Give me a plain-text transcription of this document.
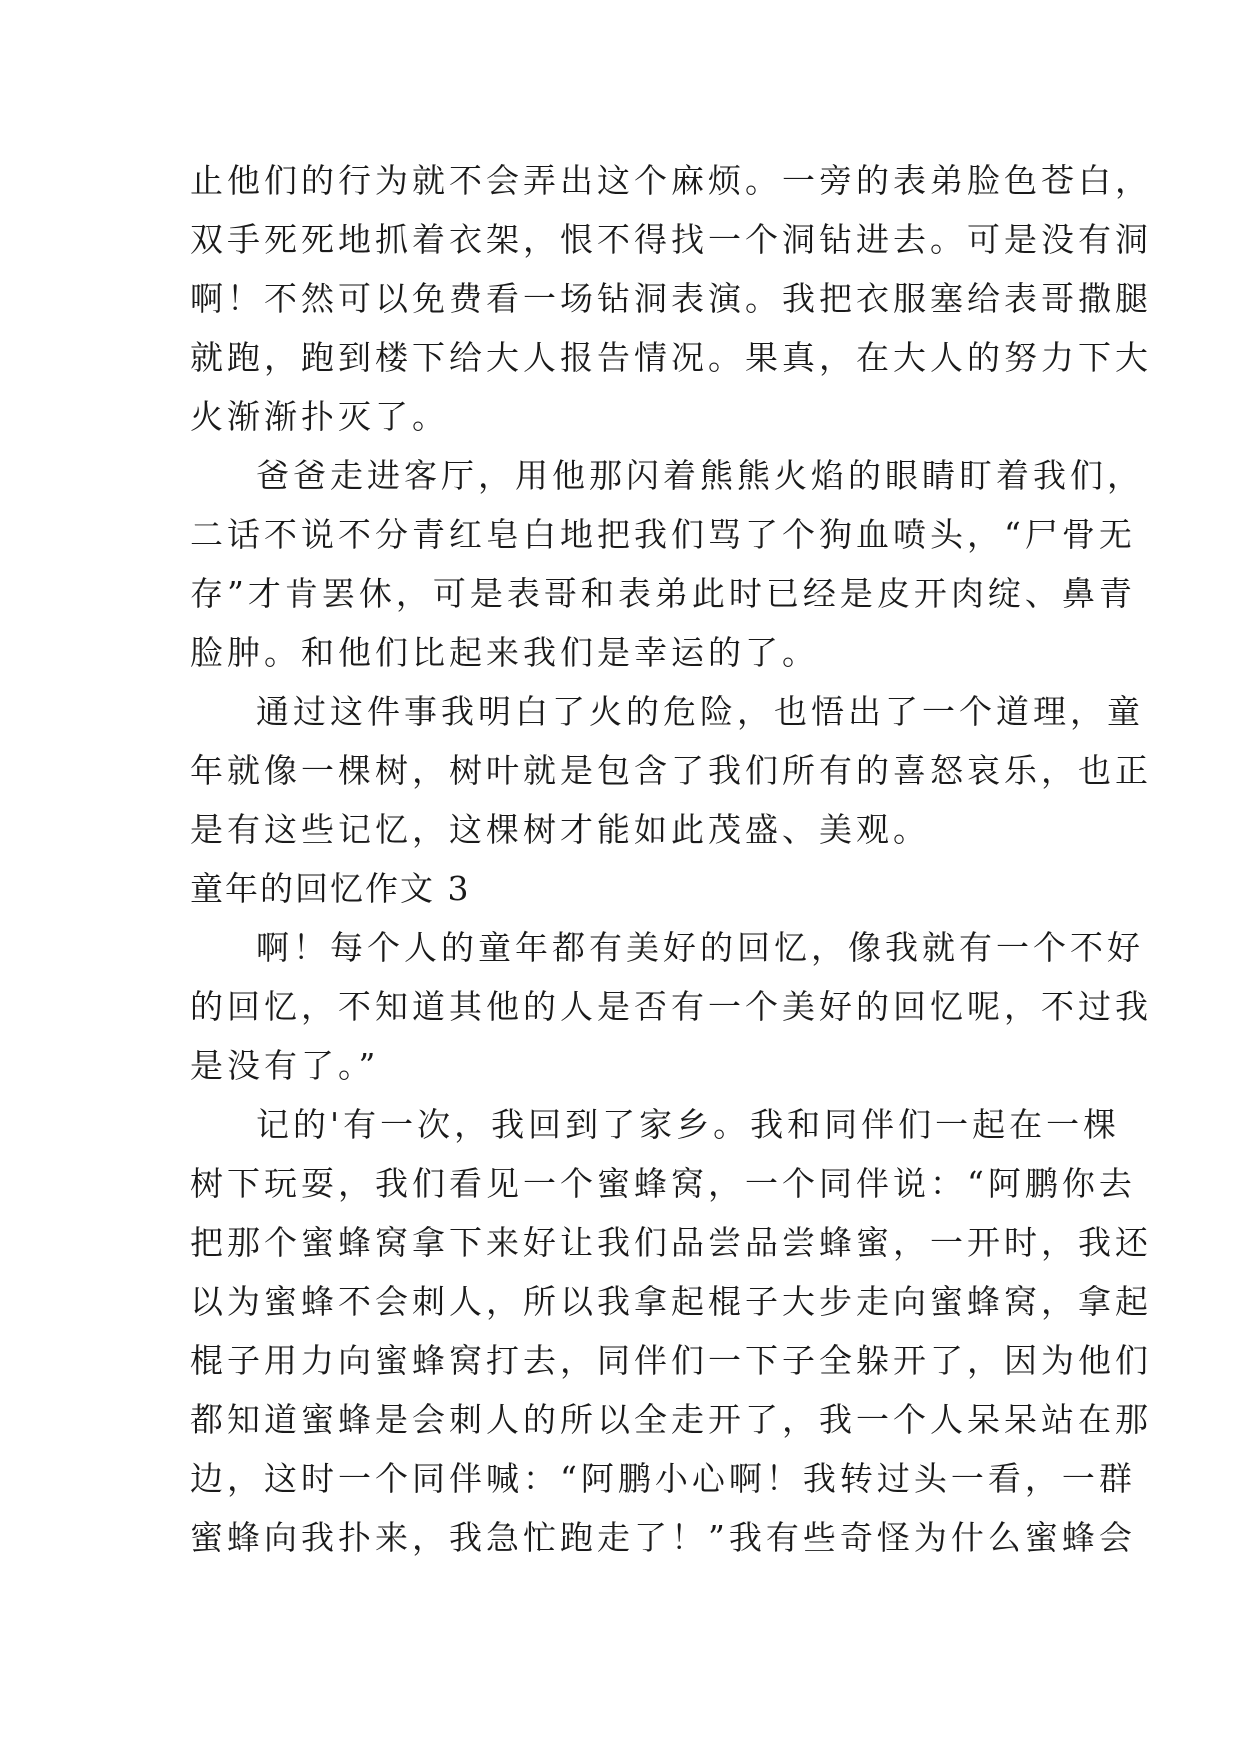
止他们的行为就不会弄出这个麻烦。一旁的表弟脸色苍白，
双手死死地抓着衣架，恨不得找一个洞钻进去。可是没有洞
啊！不然可以免费看一场钻洞表演。我把衣服塞给表哥撒腿
就跑，跑到楼下给大人报告情况。果真，在大人的努力下大
火渐渐扑灭了。
爸爸走进客厅，用他那闪着熊熊火焰的眼睛盯着我们，
二话不说不分青红皂白地把我们骂了个狗血喷头，“尸骨无
存”才肯罢休，可是表哥和表弟此时已经是皮开肉绽、鼻青
脸肿。和他们比起来我们是幸运的了。
通过这件事我明白了火的危险，也悟出了一个道理，童
年就像一棵树，树叶就是包含了我们所有的喜怒哀乐，也正
是有这些记忆，这棵树才能如此茂盛、美观。
童年的回忆作文 3
啊！每个人的童年都有美好的回忆，像我就有一个不好
的回忆，不知道其他的人是否有一个美好的回忆呢，不过我
是没有了。”
记的'有一次，我回到了家乡。我和同伴们一起在一棵
树下玩耍，我们看见一个蜜蜂窝，一个同伴说：“阿鹏你去
把那个蜜蜂窝拿下来好让我们品尝品尝蜂蜜，一开时，我还
以为蜜蜂不会刺人，所以我拿起棍子大步走向蜜蜂窝，拿起
棍子用力向蜜蜂窝打去，同伴们一下子全躲开了，因为他们
都知道蜜蜂是会刺人的所以全走开了，我一个人呆呆站在那
边，这时一个同伴喊：“阿鹏小心啊！我转过头一看，一群
蜜蜂向我扑来，我急忙跑走了！”我有些奇怪为什么蜜蜂会
